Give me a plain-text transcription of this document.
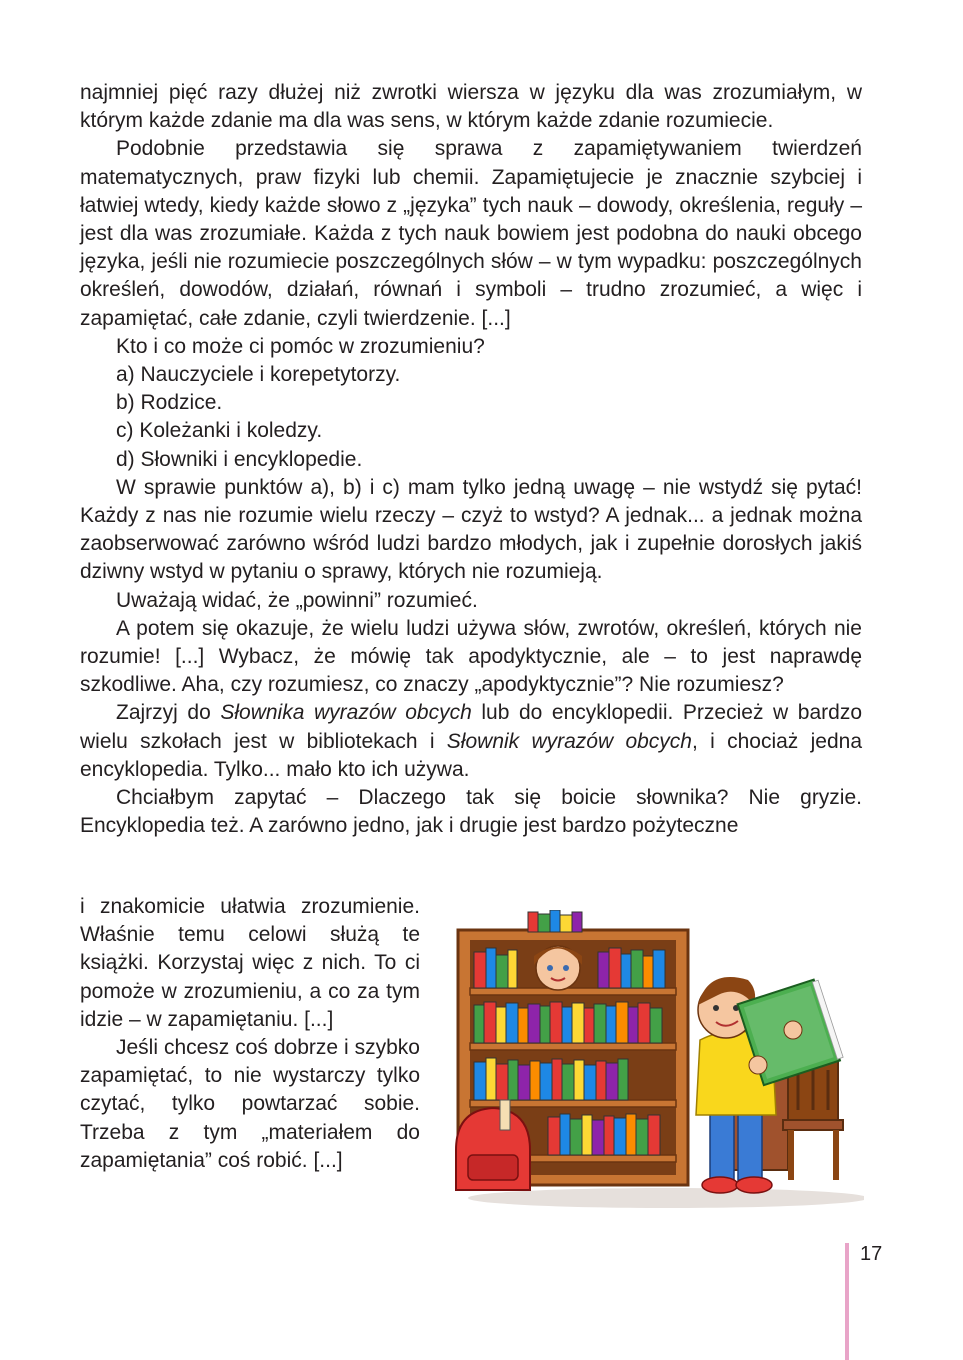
najmniej pięć razy dłużej niż zwrotki wiersza w języku dla was zrozumiałym, w którym każde zdanie ma dla was sens, w którym każde zdanie rozumiecie.

Podobnie przedstawia się sprawa z zapamiętywaniem twierdzeń matematycznych, praw fizyki lub chemii. Zapamiętujecie je znacznie szybciej i łatwiej wtedy, kiedy każde słowo z „języka” tych nauk – dowody, określenia, reguły – jest dla was zrozumiałe. Każda z tych nauk bowiem jest podobna do nauki obcego języka, jeśli nie rozumiecie poszczególnych słów – w tym wypadku: poszczególnych określeń, dowodów, działań, równań i symboli – trudno zrozumieć, a więc i zapamiętać, całe zdanie, czyli twierdzenie. [...]

Kto i co może ci pomóc w zrozumieniu?

a) Nauczyciele i korepetytorzy.

b) Rodzice.

c) Koleżanki i koledzy.

d) Słowniki i encyklopedie.

W sprawie punktów a), b) i c) mam tylko jedną uwagę – nie wstydź się pytać! Każdy z nas nie rozumie wielu rzeczy – czyż to wstyd? A jednak... a jednak można zaobserwować zarówno wśród ludzi bardzo młodych, jak i zupełnie dorosłych jakiś dziwny wstyd w pytaniu o sprawy, których nie rozumieją.

Uważają widać, że „powinni” rozumieć.

A potem się okazuje, że wielu ludzi używa słów, zwrotów, określeń, których nie rozumie! [...] Wybacz, że mówię tak apodyktycznie, ale – to jest naprawdę szkodliwe. Aha, czy rozumiesz, co znaczy „apodyktycznie”? Nie rozumiesz?

Zajrzyj do Słownika wyrazów obcych lub do encyklopedii. Przecież w bardzo wielu szkołach jest w bibliotekach i Słownik wyrazów obcych, i chociaż jedna encyklopedia. Tylko... mało kto ich używa.

Chciałbym zapytać – Dlaczego tak się boicie słownika? Nie gryzie. Encyklopedia też. A zarówno jedno, jak i drugie jest bardzo pożyteczne

i znakomicie ułatwia zrozumienie. Właśnie temu celowi służą te książki. Korzystaj więc z nich. To ci pomoże w zrozumieniu, a co za tym idzie – w zapamiętaniu. [...]

Jeśli chcesz coś dobrze i szybko zapamiętać, to nie wystarczy tylko czytać, tylko powtarzać sobie. Trzeba z tym „materiałem do zapamiętania” coś robić. [...]

17
